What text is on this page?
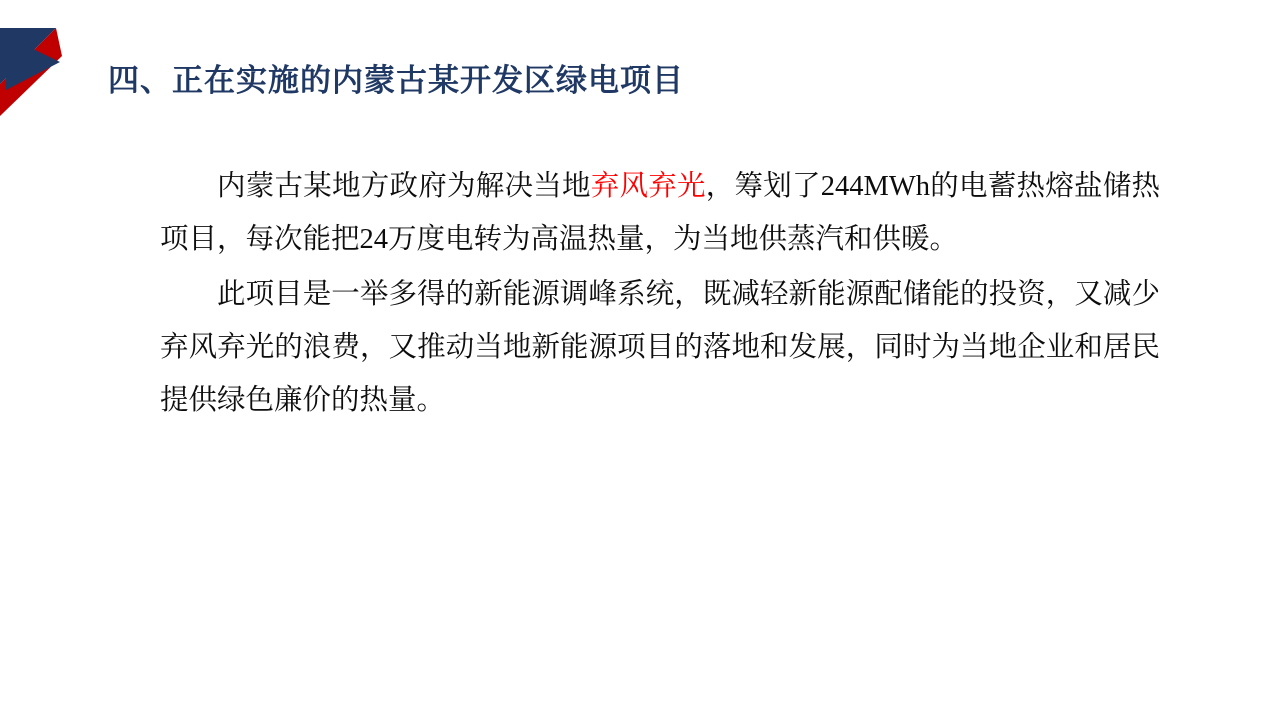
四、正在实施的内蒙古某开发区绿电项目

内蒙古某地方政府为解决当地弃风弃光，筹划了244MWh的电蓄热熔盐储热项目，每次能把24万度电转为高温热量，为当地供蒸汽和供暖。

此项目是一举多得的新能源调峰系统，既减轻新能源配储能的投资，又减少弃风弃光的浪费，又推动当地新能源项目的落地和发展，同时为当地企业和居民提供绿色廉价的热量。
